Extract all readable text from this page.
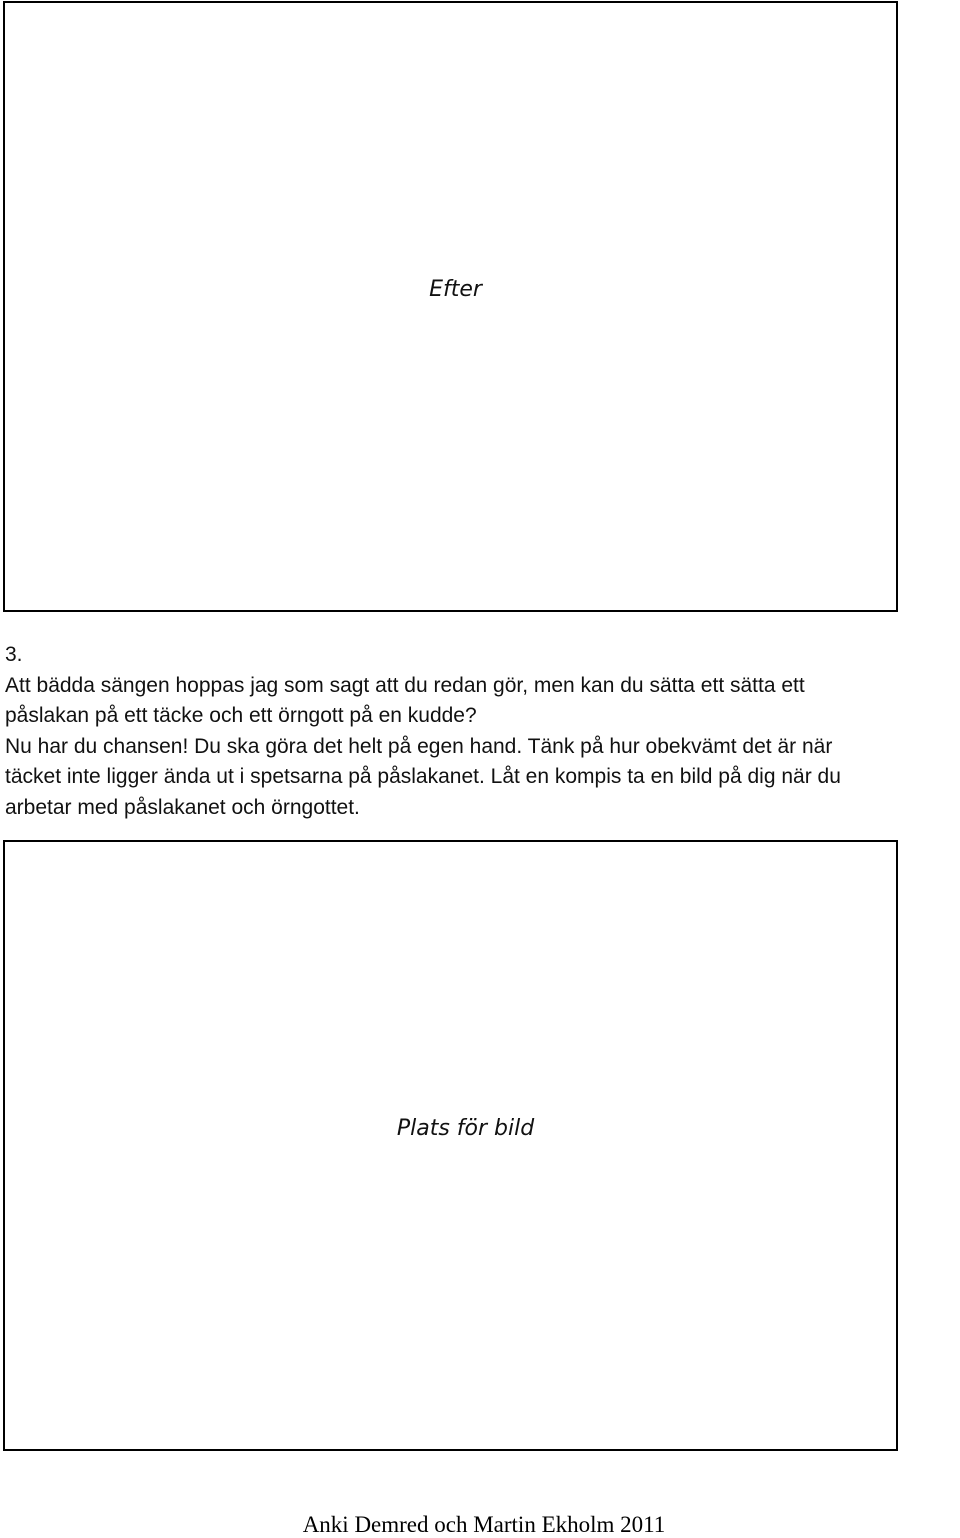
Efter

3.

Att bädda sängen hoppas jag som sagt att du redan gör, men kan du sätta ett sätta ett

påslakan på ett täcke och ett örngott på en kudde?

Nu har du chansen! Du ska göra det helt på egen hand. Tänk på hur obekvämt det är när

täcket inte ligger ända ut i spetsarna på påslakanet. Låt en kompis ta en bild på dig när du

arbetar med påslakanet och örngottet.

Plats för bild
Anki Demred och Martin Ekholm 2011
